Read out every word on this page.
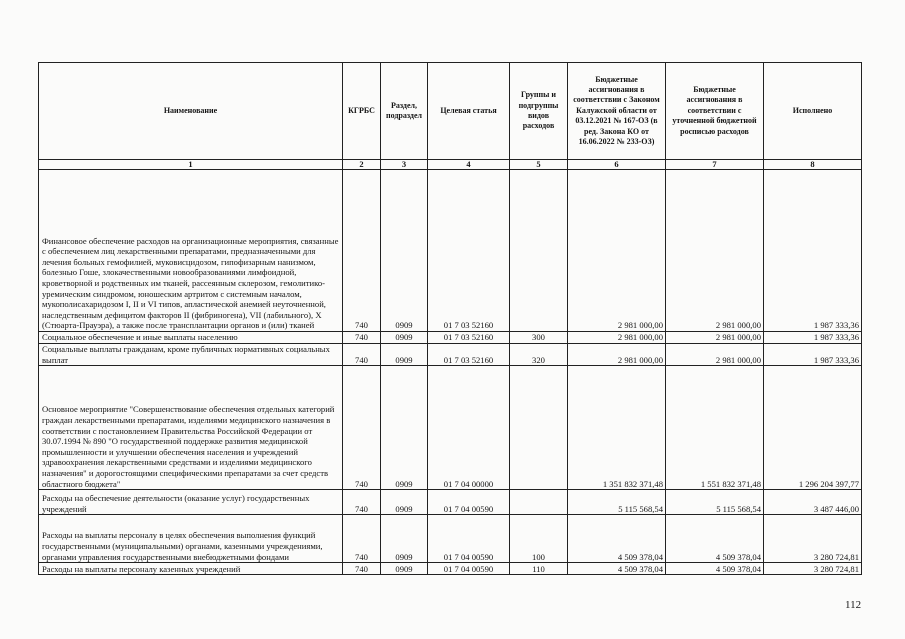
Наименование	КГРБС	Раздел, подраздел	Целевая статья	Группы и подгруппы видов расходов	Бюджетные ассигнования в соответствии с Законом Калужской области от 03.12.2021 № 167-ОЗ (в ред. Закона КО от 16.06.2022 № 233-ОЗ)	Бюджетные ассигнования в соответствии с уточненной бюджетной росписью расходов	Исполнено
1	2	3	4	5	6	7	8
Финансовое обеспечение расходов на организационные мероприятия, связанные с обеспечением лиц лекарственными препаратами, предназначенными для лечения больных гемофилией, муковисцидозом, гипофизарным нанизмом, болезнью Гоше, злокачественными новообразованиями лимфоидной, кроветворной и родственных им тканей, рассеянным склерозом, гемолитико-уремическим синдромом, юношеским артритом с системным началом, мукополисахаридозом I, II и VI типов, апластической анемией неуточненной, наследственным дефицитом факторов II (фибриногена), VII (лабильного), X (Стюарта-Прауэра), а также после трансплантации органов и (или) тканей	740	0909	01 7 03 52160		2 981 000,00	2 981 000,00	1 987 333,36
Социальное обеспечение и иные выплаты населению	740	0909	01 7 03 52160	300	2 981 000,00	2 981 000,00	1 987 333,36
Социальные выплаты гражданам, кроме публичных нормативных социальных выплат	740	0909	01 7 03 52160	320	2 981 000,00	2 981 000,00	1 987 333,36
Основное мероприятие "Совершенствование обеспечения отдельных категорий граждан лекарственными препаратами, изделиями медицинского назначения в соответствии с постановлением Правительства Российской Федерации от 30.07.1994 № 890 "О государственной поддержке развития медицинской промышленности и улучшении обеспечения населения и учреждений здравоохранения лекарственными средствами и изделиями медицинского назначения" и дорогостоящими специфическими препаратами за счет средств областного бюджета"	740	0909	01 7 04 00000		1 351 832 371,48	1 551 832 371,48	1 296 204 397,77
Расходы на обеспечение деятельности (оказание услуг) государственных учреждений	740	0909	01 7 04 00590		5 115 568,54	5 115 568,54	3 487 446,00
Расходы на выплаты персоналу в целях обеспечения выполнения функций государственными (муниципальными) органами, казенными учреждениями, органами управления государственными внебюджетными фондами	740	0909	01 7 04 00590	100	4 509 378,04	4 509 378,04	3 280 724,81
Расходы на выплаты персоналу казенных учреждений	740	0909	01 7 04 00590	110	4 509 378,04	4 509 378,04	3 280 724,81
112
